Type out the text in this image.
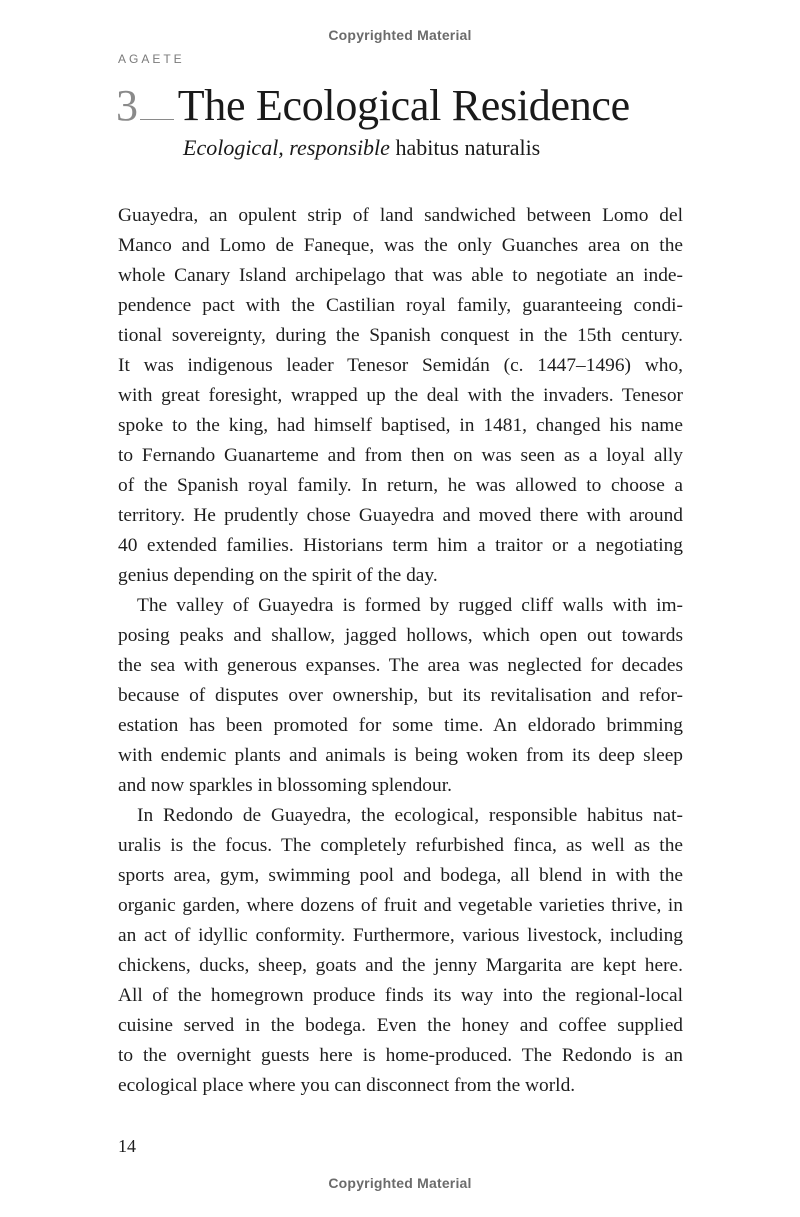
Copyrighted Material
AGAETE
3 The Ecological Residence
Ecological, responsible habitus naturalis

Guayedra, an opulent strip of land sandwiched between Lomo del
Manco and Lomo de Faneque, was the only Guanches area on the
whole Canary Island archipelago that was able to negotiate an inde-
pendence pact with the Castilian royal family, guaranteeing condi-
tional sovereignty, during the Spanish conquest in the 15th century.
It was indigenous leader Tenesor Semidán (c. 1447–1496) who,
with great foresight, wrapped up the deal with the invaders. Tenesor
spoke to the king, had himself baptised, in 1481, changed his name
to Fernando Guanarteme and from then on was seen as a loyal ally
of the Spanish royal family. In return, he was allowed to choose a
territory. He prudently chose Guayedra and moved there with around
40 extended families. Historians term him a traitor or a negotiating
genius depending on the spirit of the day.

The valley of Guayedra is formed by rugged cliff walls with im-
posing peaks and shallow, jagged hollows, which open out towards
the sea with generous expanses. The area was neglected for decades
because of disputes over ownership, but its revitalisation and refor-
estation has been promoted for some time. An eldorado brimming
with endemic plants and animals is being woken from its deep sleep
and now sparkles in blossoming splendour.

In Redondo de Guayedra, the ecological, responsible habitus nat-
uralis is the focus. The completely refurbished finca, as well as the
sports area, gym, swimming pool and bodega, all blend in with the
organic garden, where dozens of fruit and vegetable varieties thrive, in
an act of idyllic conformity. Furthermore, various livestock, including
chickens, ducks, sheep, goats and the jenny Margarita are kept here.
All of the homegrown produce finds its way into the regional-local
cuisine served in the bodega. Even the honey and coffee supplied
to the overnight guests here is home-produced. The Redondo is an
ecological place where you can disconnect from the world.

14
Copyrighted Material
